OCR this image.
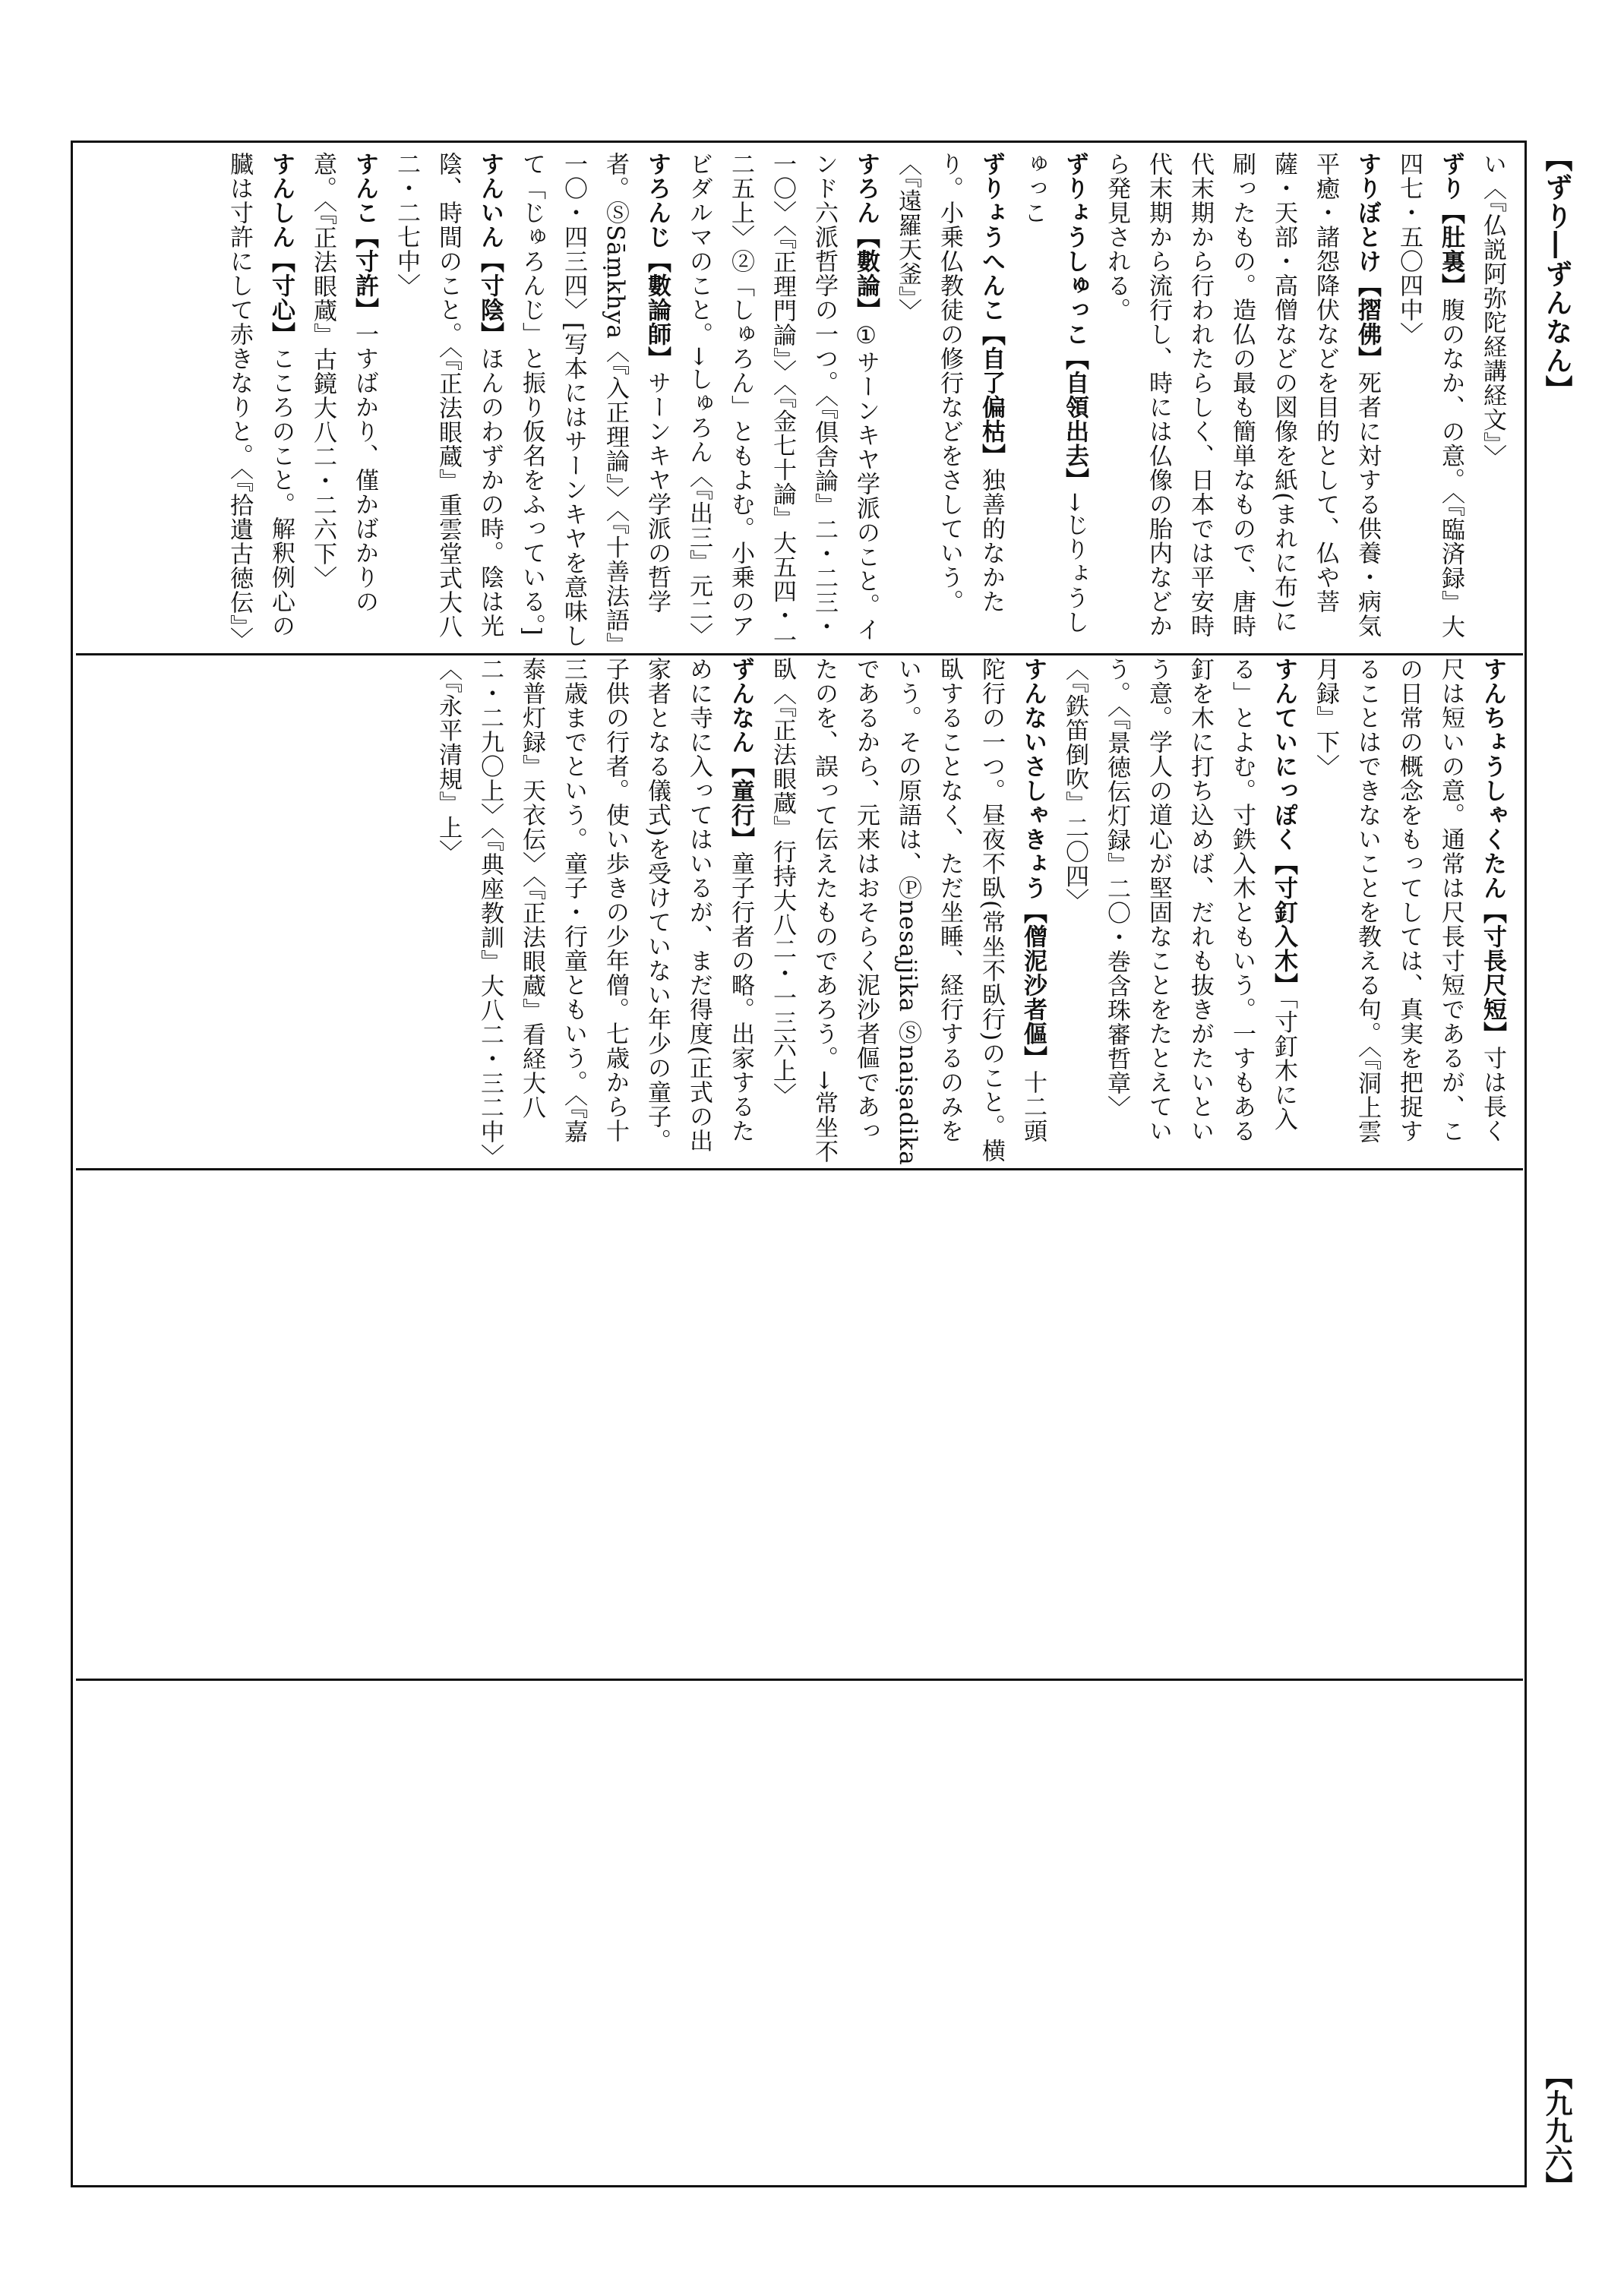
【ずり―ずんなん】
【九九六】
い〈『仏説阿弥陀経講経文』〉
ずり【肚裏】腹のなか、の意。〈『臨済録』大四七・五〇四中〉
すりぼとけ【摺佛】死者に対する供養・病気平癒・諸怨降伏などを目的として、仏や菩薩・天部・高僧などの図像を紙(まれに布)に刷ったもの。造仏の最も簡単なもので、唐時代末期から行われたらしく、日本では平安時代末期から流行し、時には仏像の胎内などから発見される。
ずりょうしゅっこ【自領出去】→じりょうしゅっこ
ずりょうへんこ【自了偏枯】独善的なかたり。小乗仏教徒の修行などをさしていう。〈『遠羅天釜』〉
すろん【數論】①サーンキヤ学派のこと。インド六派哲学の一つ。〈『倶舎論』二・二三・一〇〉〈『正理門論』〉〈『金七十論』大五四・一二五上〉②「しゅろん」ともよむ。小乗のアビダルマのこと。→しゅろん〈『出三』元二〉
すろんじ【數論師】サーンキヤ学派の哲学者。ⓈSāṃkhya〈『入正理論』〉〈『十善法語』一〇・四三四〉[写本にはサーンキヤを意味して「じゅろんじ」と振り仮名をふっている。]
すんいん【寸陰】ほんのわずかの時。陰は光陰、時間のこと。〈『正法眼蔵』重雲堂式大八二・二七中〉
すんこ【寸許】一すばかり、僅かばかりの意。〈『正法眼蔵』古鏡大八二・二六下〉
すんしん【寸心】こころのこと。解釈例心の臓は寸許にして赤きなりと。〈『拾遺古徳伝』〉
すんちょうしゃくたん【寸長尺短】寸は長く尺は短いの意。通常は尺長寸短であるが、この日常の概念をもってしては、真実を把捉することはできないことを教える句。〈『洞上雲月録』下〉
すんていにっぽく【寸釘入木】「寸釘木に入る」とよむ。寸鉄入木ともいう。一すもある釘を木に打ち込めば、だれも抜きがたいという意。学人の道心が堅固なことをたとえていう。〈『景徳伝灯録』二〇・巻含珠審哲章〉〈『鉄笛倒吹』二〇四〉
すんないさしゃきょう【僧泥沙者傴】十二頭陀行の一つ。昼夜不臥(常坐不臥行)のこと。横臥することなく、ただ坐睡、経行するのみをいう。その原語は、Ⓟnesajjika Ⓢnaiṣadika であるから、元来はおそらく泥沙者傴であったのを、誤って伝えたものであろう。→常坐不臥〈『正法眼蔵』行持大八二・一三六上〉
ずんなん【童行】童子行者の略。出家するために寺に入ってはいるが、まだ得度(正式の出家者となる儀式)を受けていない年少の童子。子供の行者。使い歩きの少年僧。七歳から十三歳までという。童子・行童ともいう。〈『嘉泰普灯録』天衣伝〉〈『正法眼蔵』看経大八二・二九〇上〉〈『典座教訓』大八二・三二中〉〈『永平清規』上〉
